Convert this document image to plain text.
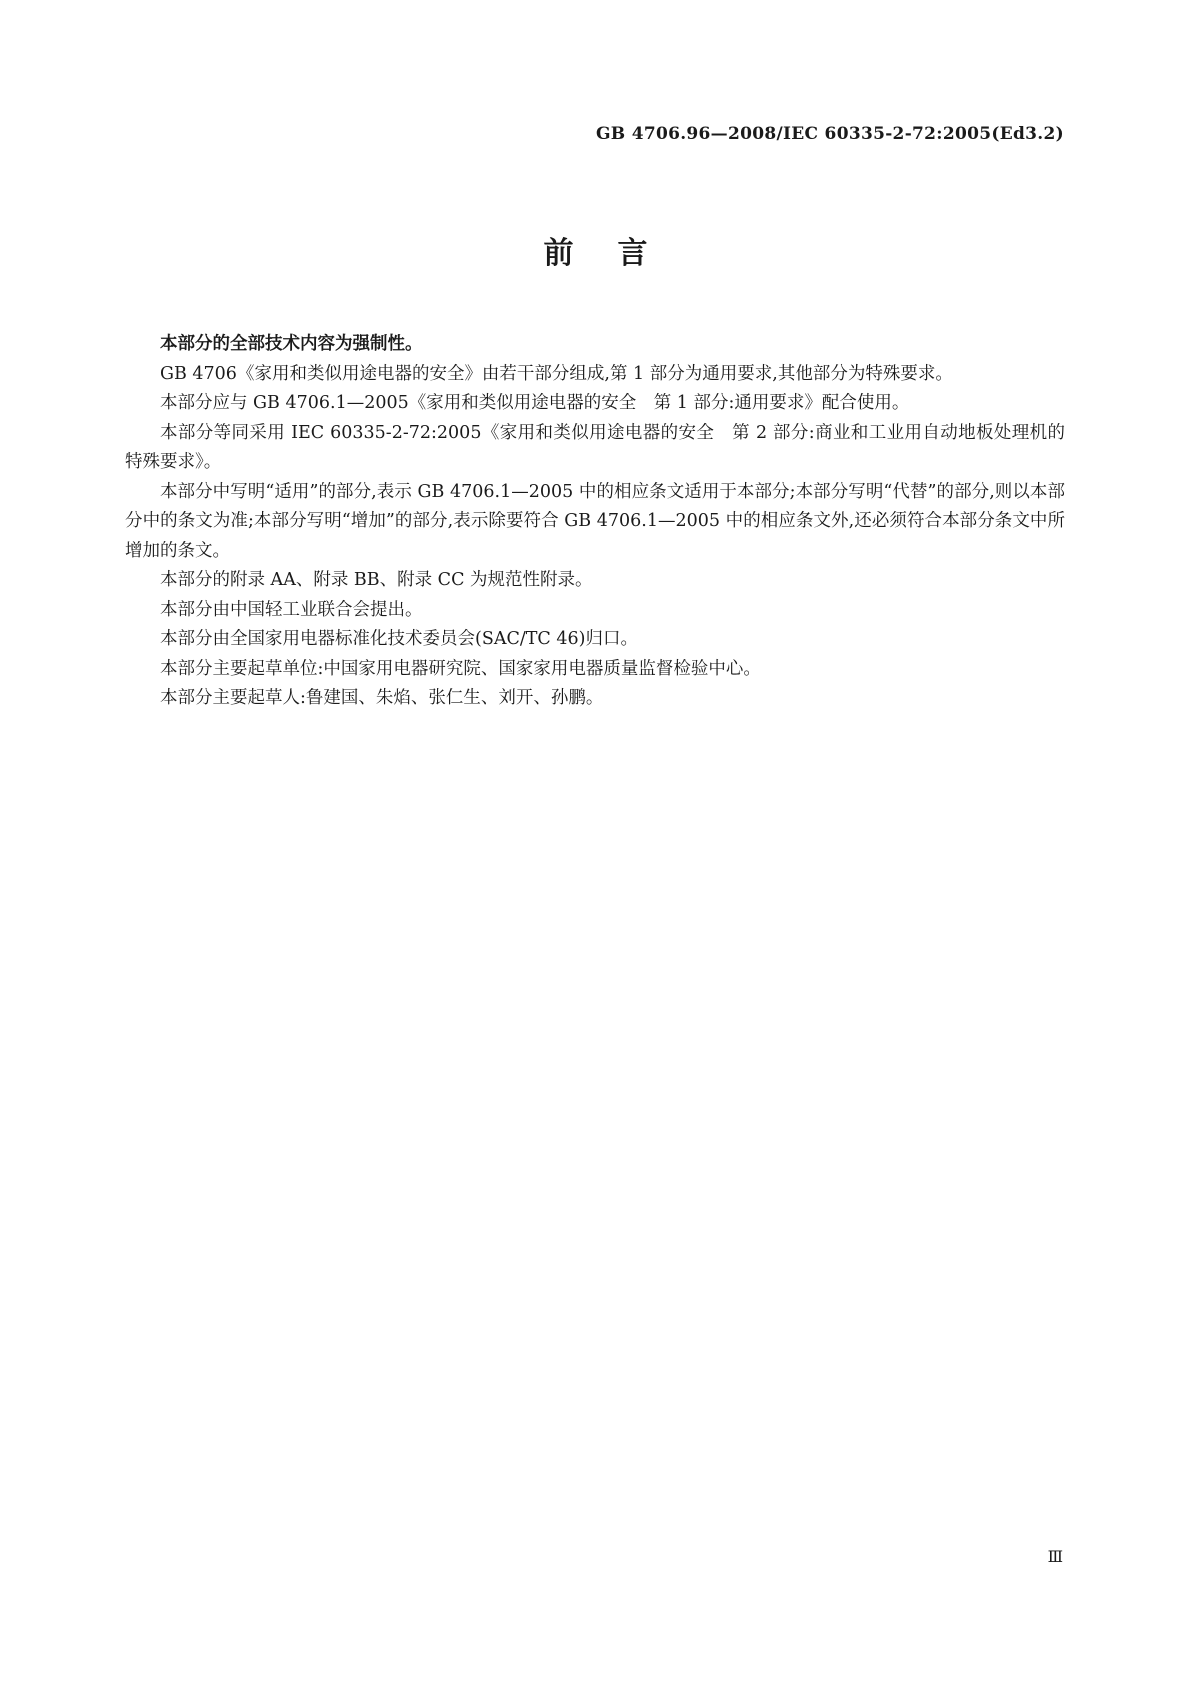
GB 4706.96—2008/IEC 60335-2-72:2005(Ed3.2)
前言

本部分的全部技术内容为强制性。

GB 4706《家用和类似用途电器的安全》由若干部分组成,第 1 部分为通用要求,其他部分为特殊要求。

本部分应与 GB 4706.1—2005《家用和类似用途电器的安全　第 1 部分:通用要求》配合使用。

本部分等同采用 IEC 60335-2-72:2005《家用和类似用途电器的安全　第 2 部分:商业和工业用自动地板处理机的特殊要求》。

本部分中写明“适用”的部分,表示 GB 4706.1—2005 中的相应条文适用于本部分;本部分写明“代替”的部分,则以本部分中的条文为准;本部分写明“增加”的部分,表示除要符合 GB 4706.1—2005 中的相应条文外,还必须符合本部分条文中所增加的条文。

本部分的附录 AA、附录 BB、附录 CC 为规范性附录。

本部分由中国轻工业联合会提出。

本部分由全国家用电器标准化技术委员会(SAC/TC 46)归口。

本部分主要起草单位:中国家用电器研究院、国家家用电器质量监督检验中心。

本部分主要起草人:鲁建国、朱焰、张仁生、刘开、孙鹏。

Ⅲ
